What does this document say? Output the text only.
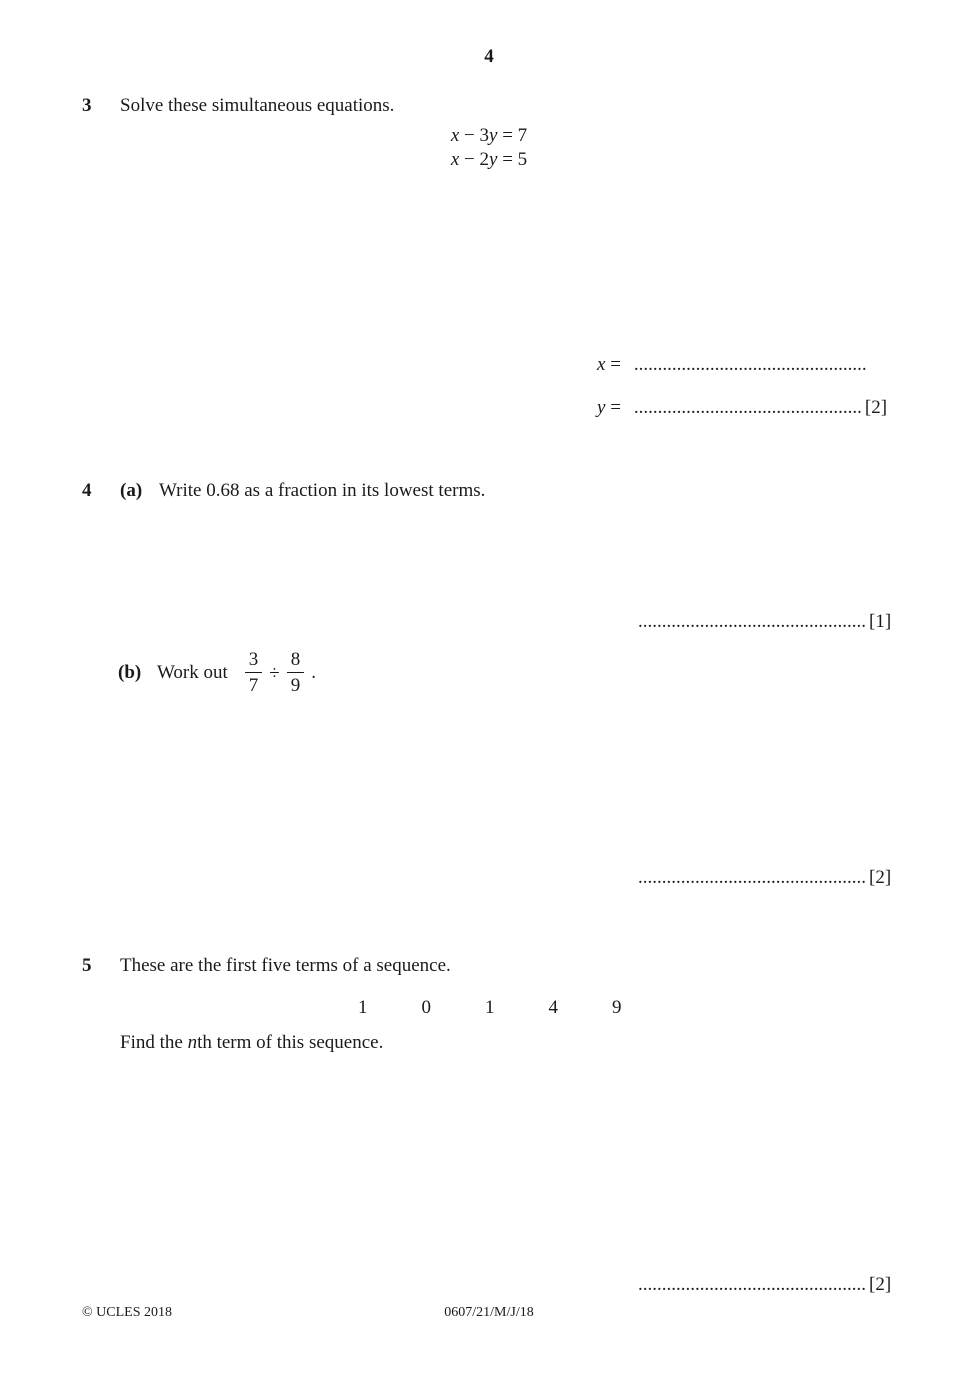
4
3 Solve these simultaneous equations.
x − 3y = 7
x − 2y = 5
x = .................................................
y = ................................................ [2]
4 (a) Write 0.68 as a fraction in its lowest terms.
................................................ [1]
(b) Work out $\frac{3}{7} \div \frac{8}{9}$ .
................................................ [2]
5 These are the first five terms of a sequence.
1	0	1	4	9
Find the nth term of this sequence.
................................................ [2]
© UCLES 2018	0607/21/M/J/18
